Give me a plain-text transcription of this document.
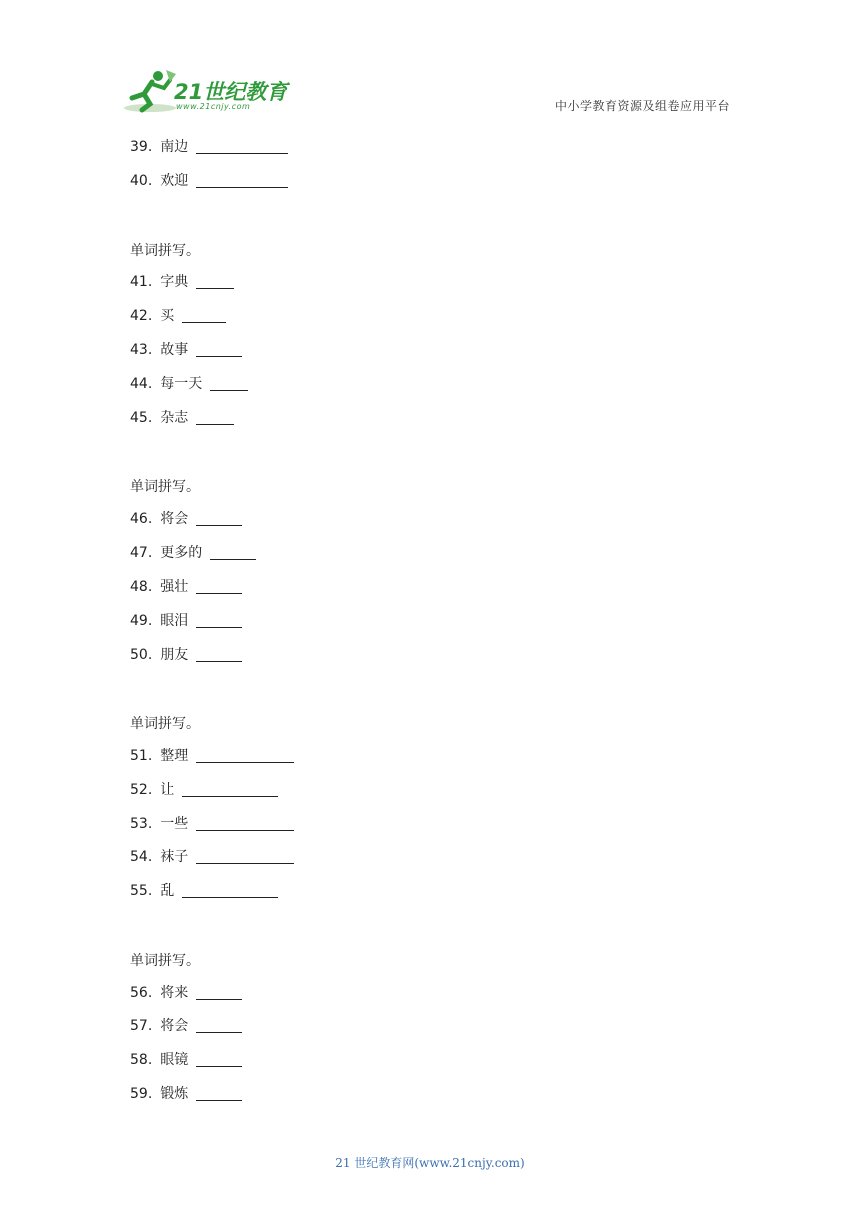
21世纪教育
www.21cnjy.com	中小学教育资源及组卷应用平台
39. 南边
40. 欢迎
单词拼写。
41. 字典
42. 买
43. 故事
44. 每一天
45. 杂志
单词拼写。
46. 将会
47. 更多的
48. 强壮
49. 眼泪
50. 朋友
单词拼写。
51. 整理
52. 让
53. 一些
54. 袜子
55. 乱
单词拼写。
56. 将来
57. 将会
58. 眼镜
59. 锻炼
21 世纪教育网(www.21cnjy.com)
